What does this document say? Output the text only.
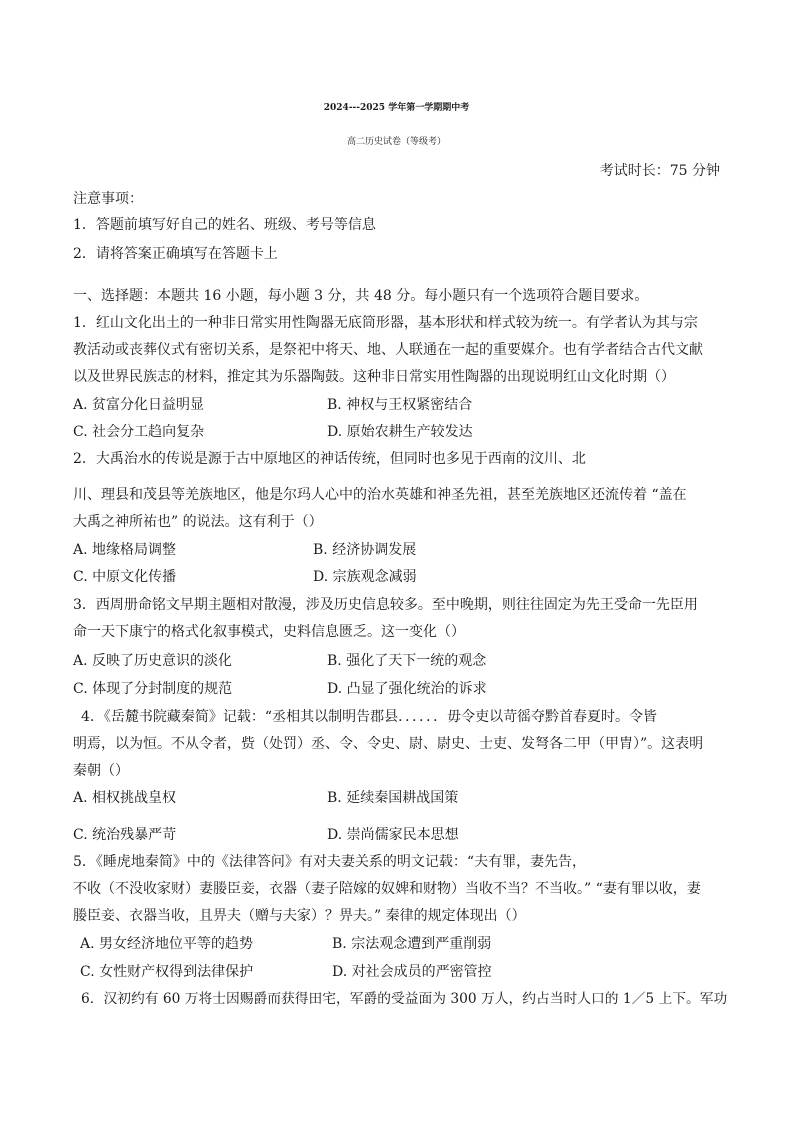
2024---2025 学年第一学期期中考
高二历史试卷（等级考）
考试时长：75 分钟
注意事项：
1．答题前填写好自己的姓名、班级、考号等信息
2．请将答案正确填写在答题卡上
一、选择题：本题共 16 小题，每小题 3 分，共 48 分。每小题只有一个选项符合题目要求。
1．红山文化出土的一种非日常实用性陶器无底筒形器，基本形状和样式较为统一。有学者认为其与宗
教活动或丧葬仪式有密切关系，是祭祀中将天、地、人联通在一起的重要媒介。也有学者结合古代文献
以及世界民族志的材料，推定其为乐器陶鼓。这种非日常实用性陶器的出现说明红山文化时期（）
A. 贫富分化日益明显	B. 神权与王权紧密结合
C. 社会分工趋向复杂	D. 原始农耕生产较发达
2．大禹治水的传说是源于古中原地区的神话传统，但同时也多见于西南的汶川、北
川、理县和茂县等羌族地区，他是尔玛人心中的治水英雄和神圣先祖，甚至羌族地区还流传着 “盖在
大禹之神所祐也” 的说法。这有利于（）
A. 地缘格局调整	B. 经济协调发展
C. 中原文化传播	D. 宗族观念减弱
3．西周册命铭文早期主题相对散漫，涉及历史信息较多。至中晚期，则往往固定为先王受命一先臣用
命一天下康宁的格式化叙事模式，史料信息匮乏。这一变化（）
A. 反映了历史意识的淡化	B. 强化了天下一统的观念
C. 体现了分封制度的规范	D. 凸显了强化统治的诉求
4．《岳麓书院藏秦简》记载：“丞相其以制明告郡县．．．．．．毋令吏以苛徭夺黔首春夏时。令皆
明焉，以为恒。不从令者，赀（处罚）丞、令、令史、尉、尉史、士吏、发弩各二甲（甲胄）”。这表明
秦朝（）
A. 相权挑战皇权	B. 延续秦国耕战国策
C. 统治残暴严苛	D. 崇尚儒家民本思想
5．《睡虎地秦简》中的《法律答问》有对夫妻关系的明文记载：“夫有罪，妻先告，
不收（不没收家财）妻媵臣妾，衣器（妻子陪嫁的奴婢和财物）当收不当？不当收。” “妻有罪以收，妻
媵臣妾、衣器当收，且畀夫（赠与夫家）？畀夫。” 秦律的规定体现出（）
A. 男女经济地位平等的趋势	B. 宗法观念遭到严重削弱
C. 女性财产权得到法律保护	D. 对社会成员的严密管控
6．汉初约有 60 万将士因赐爵而获得田宅，军爵的受益面为 300 万人，约占当时人口的 1／5 上下。军功
